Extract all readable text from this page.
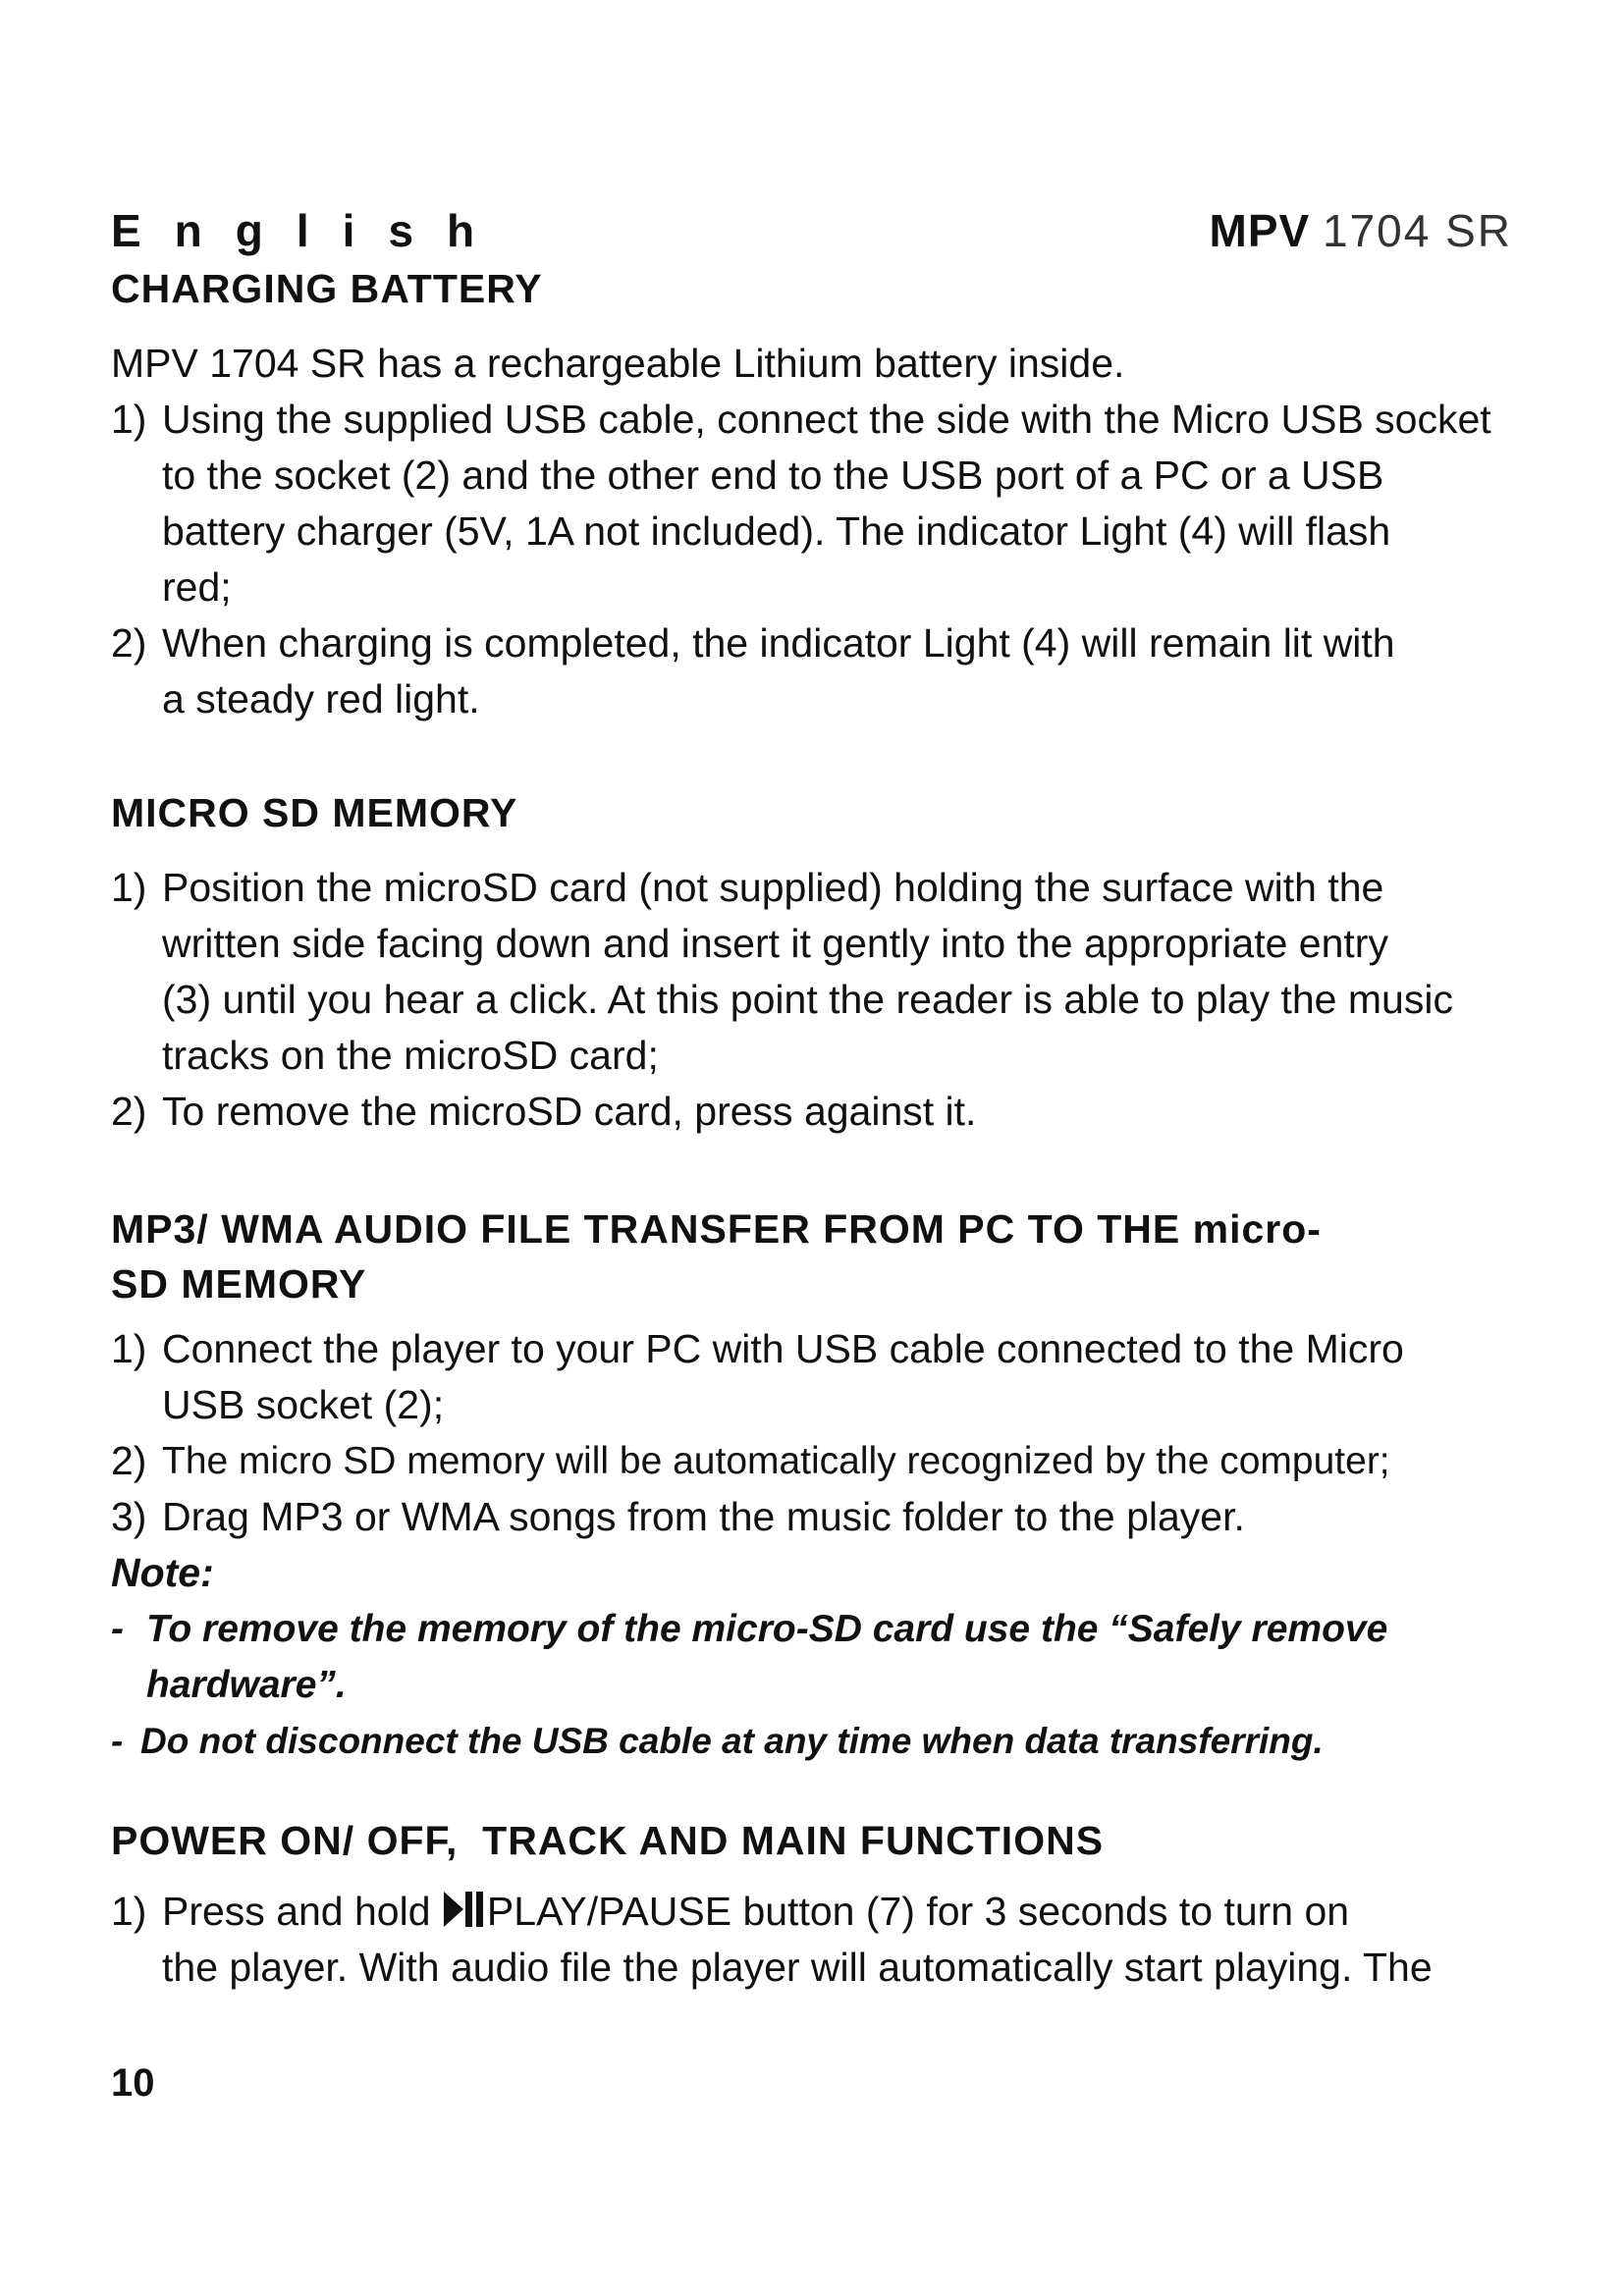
English	MPV 1704 SR
CHARGING BATTERY

MPV 1704 SR has a rechargeable Lithium battery inside.

1) Using the supplied USB cable, connect the side with the Micro USB socket
to the socket (2) and the other end to the USB port of a PC or a USB
battery charger (5V, 1A not included). The indicator Light (4) will flash
red;
2) When charging is completed, the indicator Light (4) will remain lit with
a steady red light.
MICRO SD MEMORY
1) Position the microSD card (not supplied) holding the surface with the
written side facing down and insert it gently into the appropriate entry
(3) until you hear a click. At this point the reader is able to play the music
tracks on the microSD card;
2) To remove the microSD card, press against it.
MP3/ WMA AUDIO FILE TRANSFER FROM PC TO THE micro-
SD MEMORY
1) Connect the player to your PC with USB cable connected to the Micro
USB socket (2);
2) The micro SD memory will be automatically recognized by the computer;
3) Drag MP3 or WMA songs from the music folder to the player.
Note:
- To remove the memory of the micro-SD card use the “Safely remove
hardware”.
- Do not disconnect the USB cable at any time when data transferring.
POWER ON/ OFF,  TRACK AND MAIN FUNCTIONS
1) Press and hold PLAY/PAUSE button (7) for 3 seconds to turn on
the player. With audio file the player will automatically start playing. The
10
